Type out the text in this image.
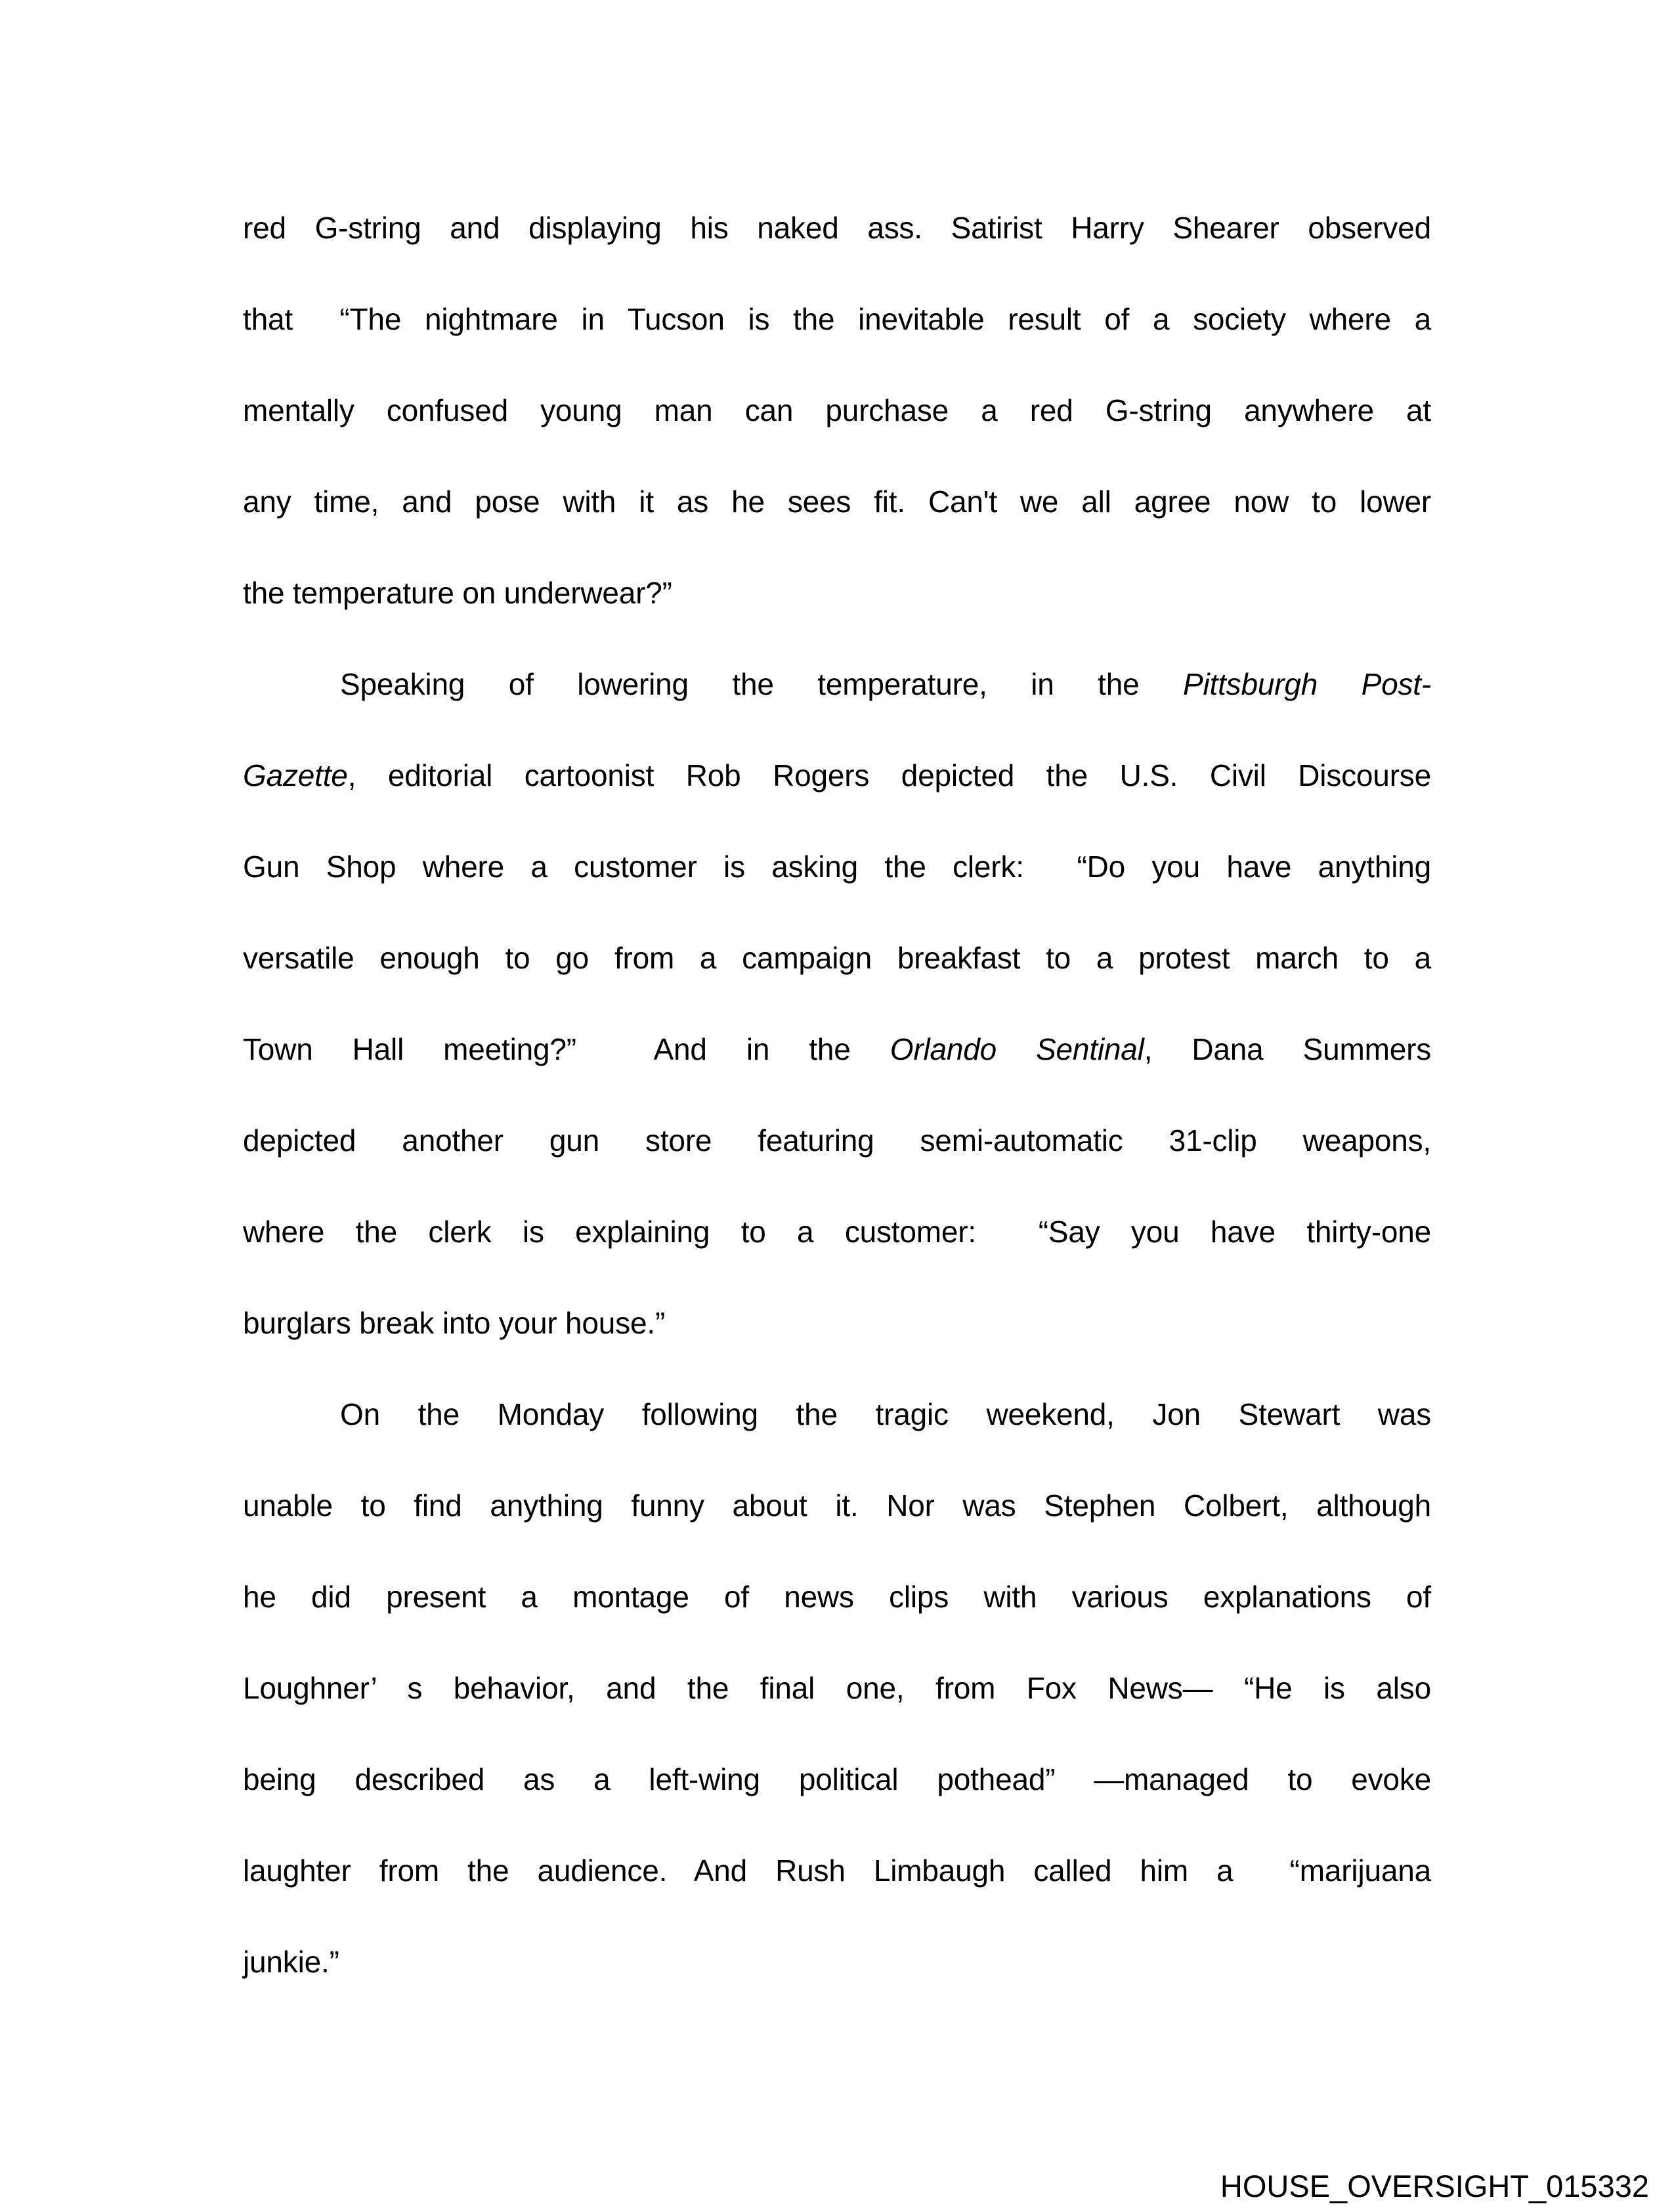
red G-string and displaying his naked ass. Satirist Harry Shearer observed
that  “The nightmare in Tucson is the inevitable result of a society where a
mentally confused young man can purchase a red G-string anywhere at
any time, and pose with it as he sees fit. Can't we all agree now to lower
the temperature on underwear?”
Speaking of lowering the temperature, in the Pittsburgh Post-
Gazette, editorial cartoonist Rob Rogers depicted the U.S. Civil Discourse
Gun Shop where a customer is asking the clerk:  “Do you have anything
versatile enough to go from a campaign breakfast to a protest march to a
Town Hall meeting?”  And in the Orlando Sentinal, Dana Summers
depicted another gun store featuring semi-automatic 31-clip weapons,
where the clerk is explaining to a customer:  “Say you have thirty-one
burglars break into your house.”
On the Monday following the tragic weekend, Jon Stewart was
unable to find anything funny about it. Nor was Stephen Colbert, although
he did present a montage of news clips with various explanations of
Loughner’ s behavior, and the final one, from Fox News— “He is also
being described as a left-wing political pothead” —managed to evoke
laughter from the audience. And Rush Limbaugh called him a  “marijuana
junkie.”
HOUSE_OVERSIGHT_015332
